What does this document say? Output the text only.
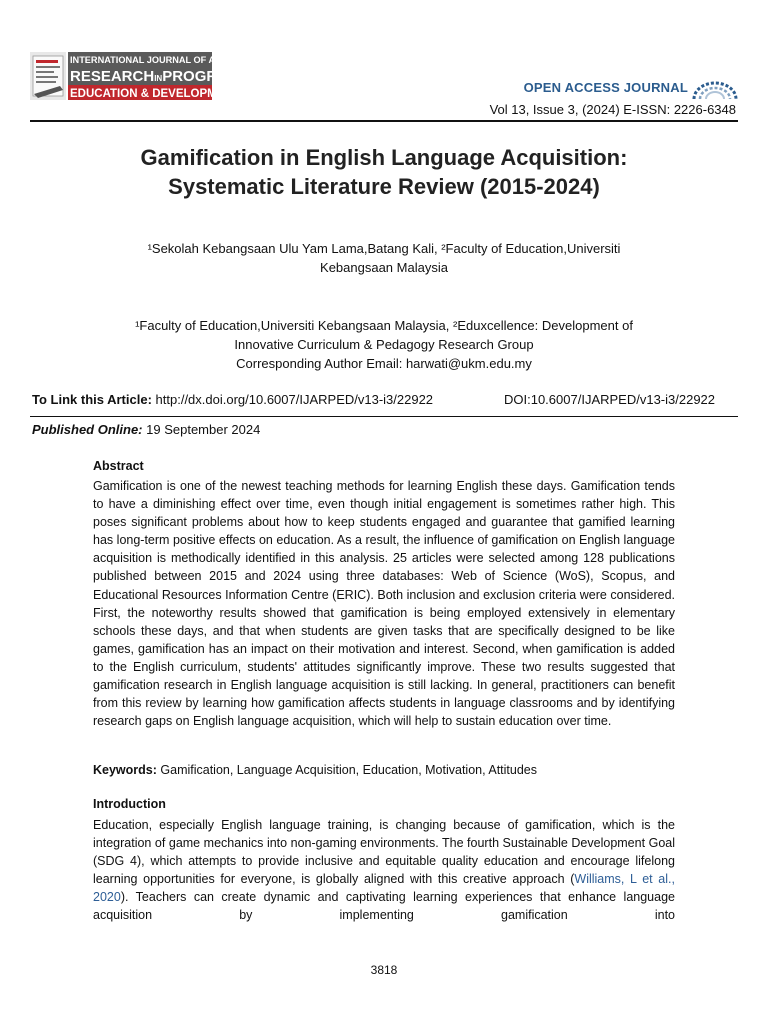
INTERNATIONAL JOURNAL OF ACADEMIC
RESEARCHINPROGRESSIVE
EDUCATION & DEVELOPMENT	OPEN ACCESS JOURNAL
Vol 13, Issue 3, (2024) E-ISSN: 2226-6348
Gamification in English Language Acquisition:
Systematic Literature Review (2015-2024)
¹Sekolah Kebangsaan Ulu Yam Lama,Batang Kali, ²Faculty of Education,Universiti
Kebangsaan Malaysia
¹Faculty of Education,Universiti Kebangsaan Malaysia, ²Eduxcellence: Development of
Innovative Curriculum & Pedagogy Research Group
Corresponding Author Email: harwati@ukm.edu.my
To Link this Article: http://dx.doi.org/10.6007/IJARPED/v13-i3/22922	DOI:10.6007/IJARPED/v13-i3/22922
Published Online: 19 September 2024
Abstract
Gamification is one of the newest teaching methods for learning English these days. Gamification tends to have a diminishing effect over time, even though initial engagement is sometimes rather high. This poses significant problems about how to keep students engaged and guarantee that gamified learning has long-term positive effects on education. As a result, the influence of gamification on English language acquisition is methodically identified in this analysis. 25 articles were selected among 128 publications published between 2015 and 2024 using three databases: Web of Science (WoS), Scopus, and Educational Resources Information Centre (ERIC). Both inclusion and exclusion criteria were considered. First, the noteworthy results showed that gamification is being employed extensively in elementary schools these days, and that when students are given tasks that are specifically designed to be like games, gamification has an impact on their motivation and interest. Second, when gamification is added to the English curriculum, students' attitudes significantly improve. These two results suggested that gamification research in English language acquisition is still lacking. In general, practitioners can benefit from this review by learning how gamification affects students in language classrooms and by identifying research gaps on English language acquisition, which will help to sustain education over time.
Keywords: Gamification, Language Acquisition, Education, Motivation, Attitudes
Introduction
Education, especially English language training, is changing because of gamification, which is the integration of game mechanics into non-gaming environments. The fourth Sustainable Development Goal (SDG 4), which attempts to provide inclusive and equitable quality education and encourage lifelong learning opportunities for everyone, is globally aligned with this creative approach (Williams, L et al., 2020). Teachers can create dynamic and captivating learning experiences that enhance language acquisition by implementing gamification into
3818
